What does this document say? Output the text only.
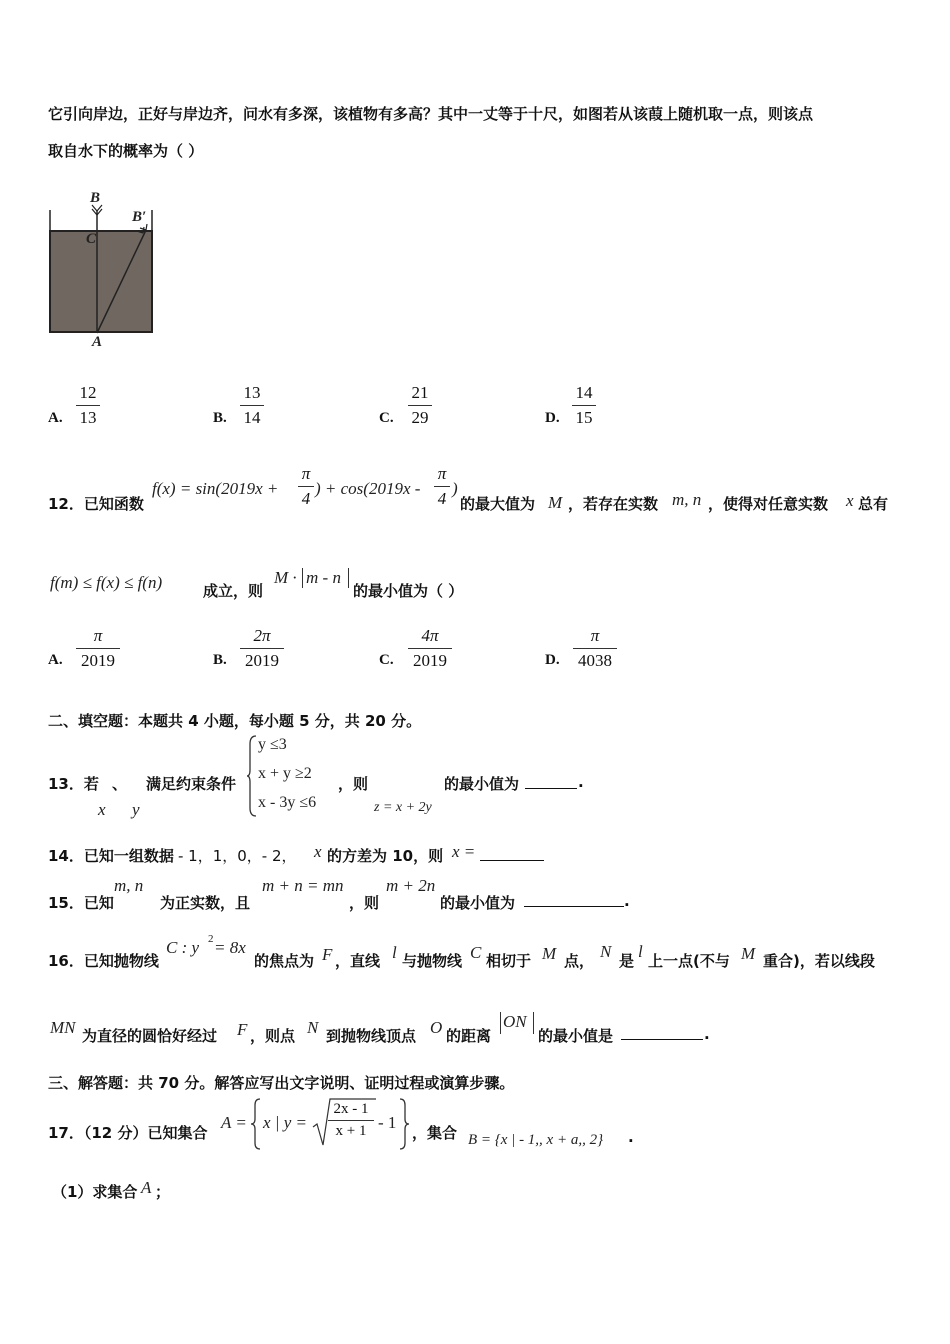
它引向岸边，正好与岸边齐，问水有多深，该植物有多高？其中一丈等于十尺，如图若从该葭上随机取一点，则该点
取自水下的概率为（ ）
B
B′
C
A
A. $\frac{12}{13}$	B. $\frac{13}{14}$	C. $\frac{21}{29}$	D. $\frac{14}{15}$
12．已知函数
$f(x) = \sin(2019x + \frac{\pi}{4}$ ) + $\cos(2019x - \frac{\pi}{4}$ )
的最大值为 M ，若存在实数 m, n ，使得对任意实数 x 总有
f(m) ≤ f(x) ≤ f(n)	成立，则
M · m - n
的最小值为（ ）
A. $\frac{\pi}{2019}$	B. $\frac{2\pi}{2019}$	C. $\frac{4\pi}{2019}$	D. $\frac{\pi}{4038}$
二、填空题：本题共 4 小题，每小题 5 分，共 20 分。
13．若 、 满足约束条件
x y
y ≤3
x + y ≥2
x - 3y ≤6
，则
z = x + 2y
的最小值为	.
14．已知一组数据 - 1，1，0，- 2， x 的方差为 10，则 x =
15．已知
m, n
为正实数，且
m + n = mn
，则
m + 2n
的最小值为	.
16．已知抛物线
C : y 2 = 8x
的焦点为 F ，直线 l 与抛物线 C 相切于 M 点， N 是 l 上一点(不与 M 重合)，若以线段
MN 为直径的圆恰好经过 F ，则点 N 到抛物线顶点 O 的距离
ON
的最小值是	.
三、解答题：共 70 分。解答应写出文字说明、证明过程或演算步骤。
17．（12 分）已知集合
A = x | $y = \frac{2x - 1}{x + 1} - 1$
，集合 B = {x | - 1,, x + a,, 2} .
（1）求集合 A ；
